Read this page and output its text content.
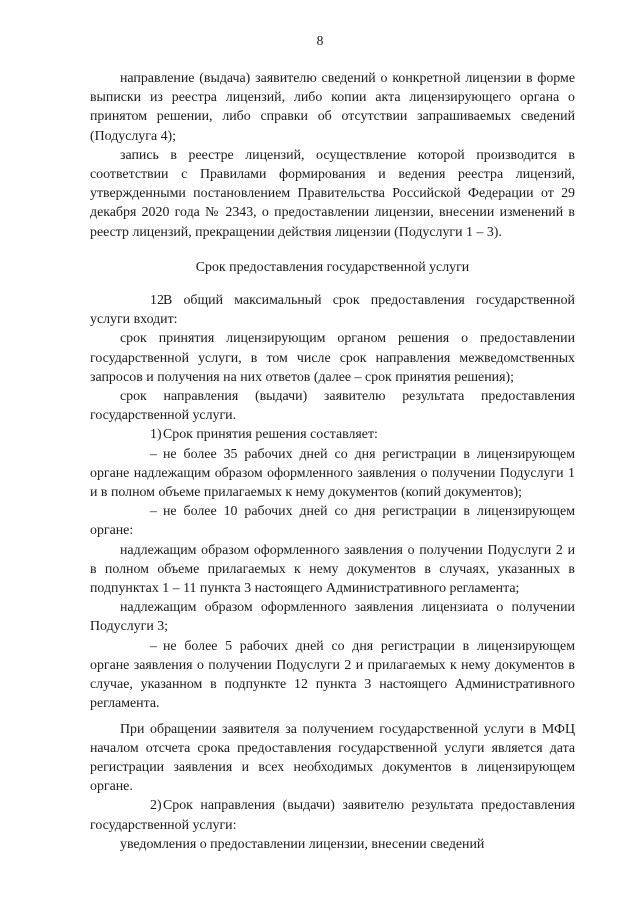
8

направление (выдача) заявителю сведений о конкретной лицензии в форме выписки из реестра лицензий, либо копии акта лицензирующего органа о принятом решении, либо справки об отсутствии запрашиваемых сведений (Подуслуга 4);

запись в реестре лицензий, осуществление которой производится в соответствии с Правилами формирования и ведения реестра лицензий, утвержденными постановлением Правительства Российской Федерации от 29 декабря 2020 года № 2343, о предоставлении лицензии, внесении изменений в реестр лицензий, прекращении действия лицензии (Подуслуги 1 – 3).

Срок предоставления государственной услуги

12.В общий максимальный срок предоставления государственной услуги входит:

срок принятия лицензирующим органом решения о предоставлении государственной услуги, в том числе срок направления межведомственных запросов и получения на них ответов (далее – срок принятия решения);

срок направления (выдачи) заявителю результата предоставления государственной услуги.

1)Срок принятия решения составляет:

– не более 35 рабочих дней со дня регистрации в лицензирующем органе надлежащим образом оформленного заявления о получении Подуслуги 1 и в полном объеме прилагаемых к нему документов (копий документов);

– не более 10 рабочих дней со дня регистрации в лицензирующем органе:

надлежащим образом оформленного заявления о получении Подуслуги 2 и в полном объеме прилагаемых к нему документов в случаях, указанных в подпунктах 1 – 11 пункта 3 настоящего Административного регламента;

надлежащим образом оформленного заявления лицензиата о получении Подуслуги 3;

– не более 5 рабочих дней со дня регистрации в лицензирующем органе заявления о получении Подуслуги 2 и прилагаемых к нему документов в случае, указанном в подпункте 12 пункта 3 настоящего Административного регламента.

При обращении заявителя за получением государственной услуги в МФЦ началом отсчета срока предоставления государственной услуги является дата регистрации заявления и всех необходимых документов в лицензирующем органе.

2)Срок направления (выдачи) заявителю результата предоставления государственной услуги:

уведомления о предоставлении лицензии, внесении сведений
